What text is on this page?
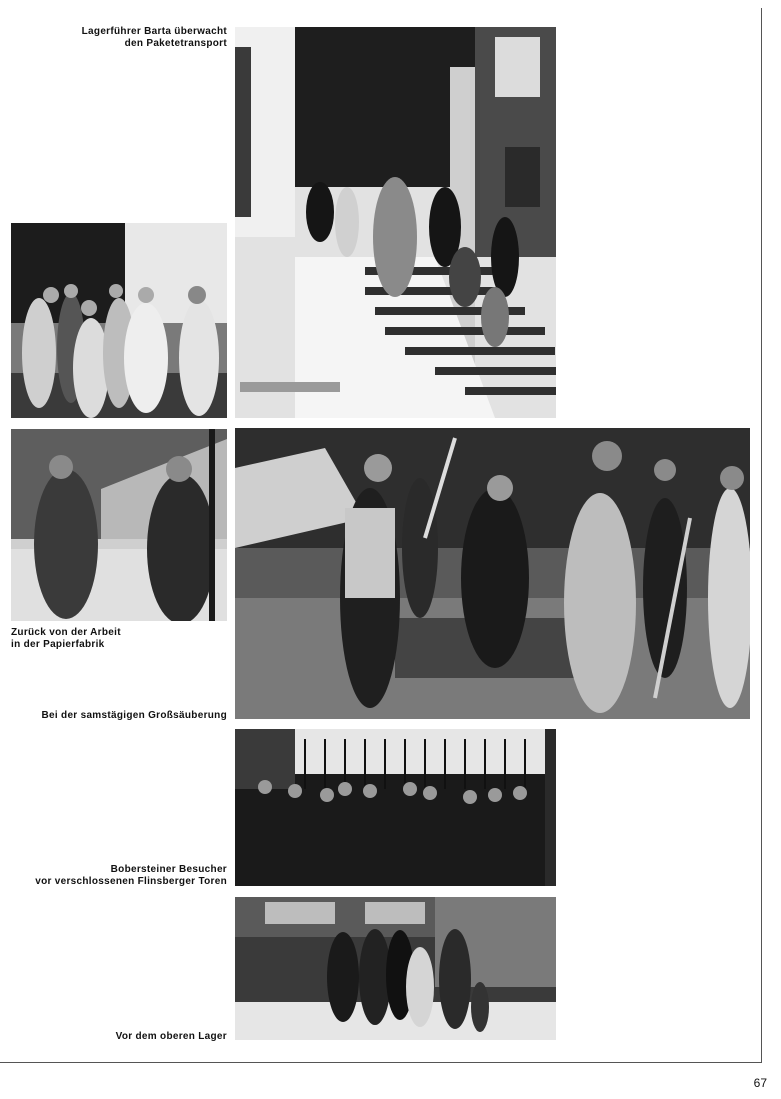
Lagerführer Barta überwacht
den Paketetransport
Zurück von der Arbeit
in der Papierfabrik
Bei der samstägigen Großsäuberung
Bobersteiner Besucher
vor verschlossenen Flinsberger Toren
Vor dem oberen Lager
67
